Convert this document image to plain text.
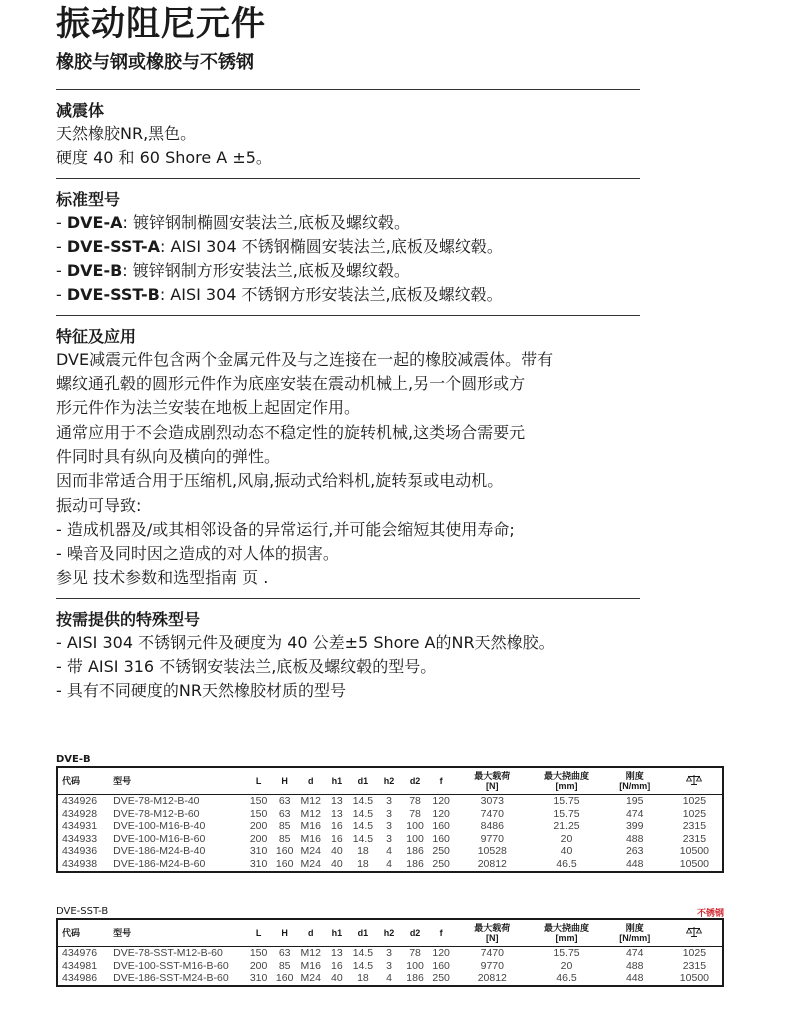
振动阻尼元件
橡胶与钢或橡胶与不锈钢
减震体
天然橡胶NR,黑色。
硬度 40 和 60 Shore A ±5。
标准型号
- DVE-A: 镀锌钢制椭圆安装法兰,底板及螺纹毂。
- DVE-SST-A: AISI 304 不锈钢椭圆安装法兰,底板及螺纹毂。
- DVE-B: 镀锌钢制方形安装法兰,底板及螺纹毂。
- DVE-SST-B: AISI 304 不锈钢方形安装法兰,底板及螺纹毂。
特征及应用
DVE减震元件包含两个金属元件及与之连接在一起的橡胶减震体。带有
螺纹通孔毂的圆形元件作为底座安装在震动机械上,另一个圆形或方
形元件作为法兰安装在地板上起固定作用。
通常应用于不会造成剧烈动态不稳定性的旋转机械,这类场合需要元
件同时具有纵向及横向的弹性。
因而非常适合用于压缩机,风扇,振动式给料机,旋转泵或电动机。
振动可导致:
- 造成机器及/或其相邻设备的异常运行,并可能会缩短其使用寿命;
- 噪音及同时因之造成的对人体的损害。
参见 技术参数和选型指南 页 .
按需提供的特殊型号
- AISI 304 不锈钢元件及硬度为 40 公差±5 Shore A的NR天然橡胶。
- 带 AISI 316 不锈钢安装法兰,底板及螺纹毂的型号。
- 具有不同硬度的NR天然橡胶材质的型号
DVE-B
代码	型号	L	H	d	h1	d1	h2	d2	f	最大载荷
[N]	最大挠曲度
[mm]	刚度
[N/mm]	
434926	DVE-78-M12-B-40	150	63	M12	13	14.5	3	78	120	3073	15.75	195	1025
434928	DVE-78-M12-B-60	150	63	M12	13	14.5	3	78	120	7470	15.75	474	1025
434931	DVE-100-M16-B-40	200	85	M16	16	14.5	3	100	160	8486	21.25	399	2315
434933	DVE-100-M16-B-60	200	85	M16	16	14.5	3	100	160	9770	20	488	2315
434936	DVE-186-M24-B-40	310	160	M24	40	18	4	186	250	10528	40	263	10500
434938	DVE-186-M24-B-60	310	160	M24	40	18	4	186	250	20812	46.5	448	10500
DVE-SST-B	不锈钢
代码	型号	L	H	d	h1	d1	h2	d2	f	最大载荷
[N]	最大挠曲度
[mm]	刚度
[N/mm]	
434976	DVE-78-SST-M12-B-60	150	63	M12	13	14.5	3	78	120	7470	15.75	474	1025
434981	DVE-100-SST-M16-B-60	200	85	M16	16	14.5	3	100	160	9770	20	488	2315
434986	DVE-186-SST-M24-B-60	310	160	M24	40	18	4	186	250	20812	46.5	448	10500
